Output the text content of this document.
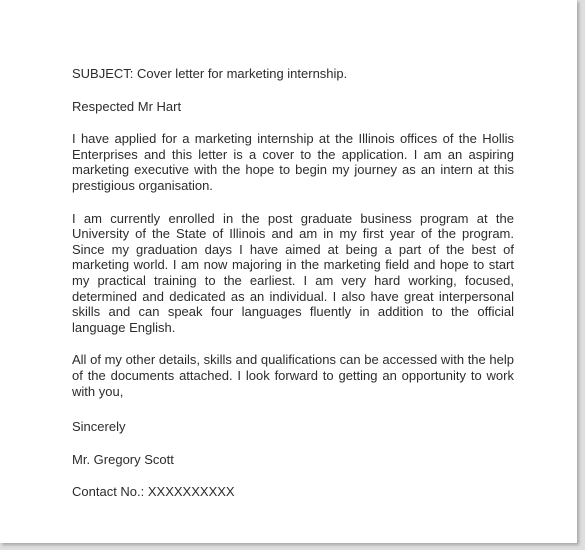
SUBJECT: Cover letter for marketing internship.

Respected Mr Hart

I have applied for a marketing internship at the Illinois offices of the Hollis Enterprises and this letter is a cover to the application. I am an aspiring marketing executive with the hope to begin my journey as an intern at this prestigious organisation.

I am currently enrolled in the post graduate business program at the University of the State of Illinois and am in my first year of the program. Since my graduation days I have aimed at being a part of the best of marketing world. I am now majoring in the marketing field and hope to start my practical training to the earliest. I am very hard working, focused, determined and dedicated as an individual. I also have great interpersonal skills and can speak four languages fluently in addition to the official language English.

All of my other details, skills and qualifications can be accessed with the help of the documents attached. I look forward to getting an opportunity to work with you,

Sincerely

Mr. Gregory Scott

Contact No.: XXXXXXXXXX
